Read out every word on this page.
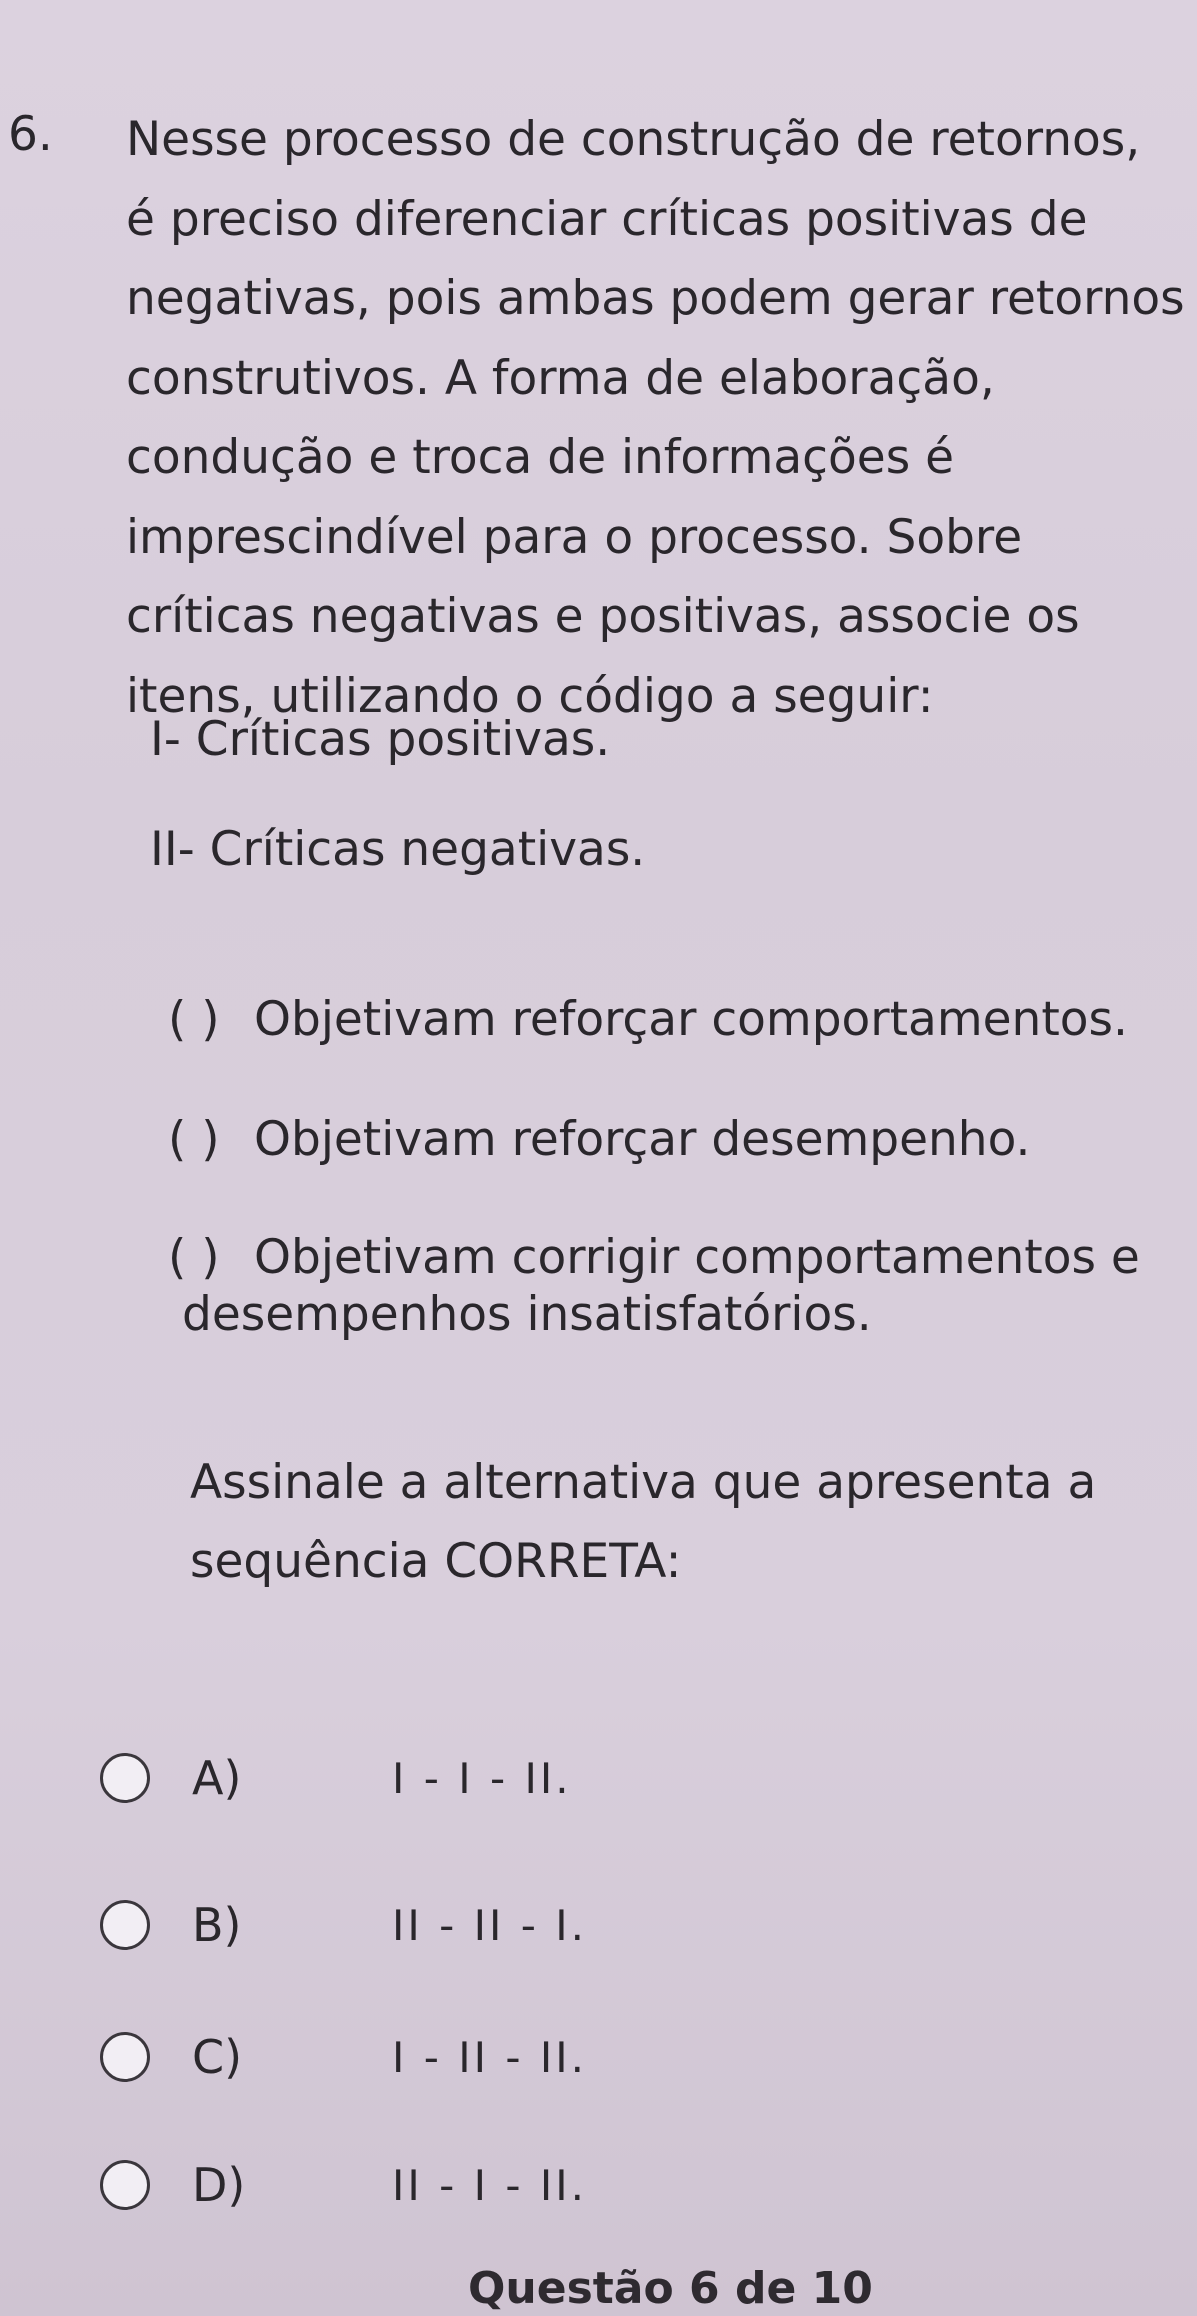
6. Nesse processo de construção de retornos,
é preciso diferenciar críticas positivas de
negativas, pois ambas podem gerar retornos
construtivos. A forma de elaboração,
condução e troca de informações é
imprescindível para o processo. Sobre
críticas negativas e positivas, associe os
itens, utilizando o código a seguir:
I- Críticas positivas.
II- Críticas negativas.
( ) Objetivam reforçar comportamentos.
( ) Objetivam reforçar desempenho.
( ) Objetivam corrigir comportamentos e
desempenhos insatisfatórios.
Assinale a alternativa que apresenta a
sequência CORRETA:
A)	I - I - II.
B)	II - II - I.
C)	I - II - II.
D)	II - I - II.
Questão 6 de 10
